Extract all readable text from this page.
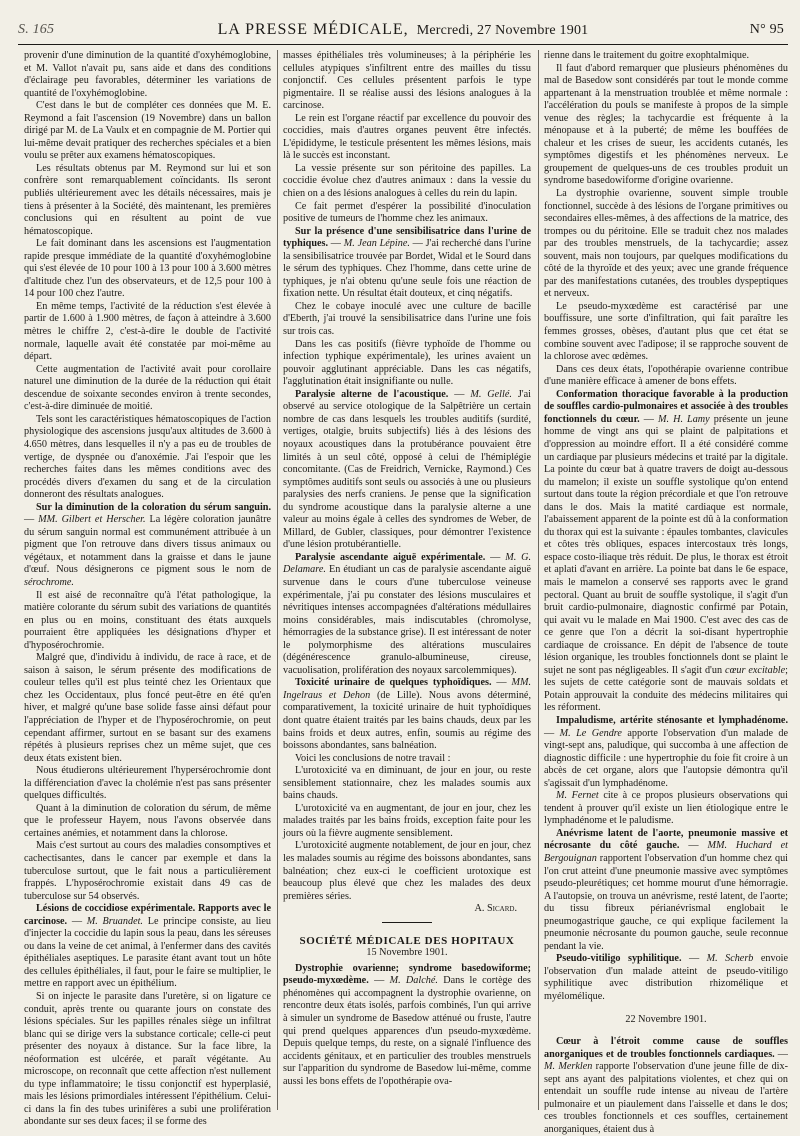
S. 165	LA PRESSE MÉDICALE, Mercredi, 27 Novembre 1901	N° 95

provenir d'une diminution de la quantité d'oxyhémoglobine, et M. Vallot n'avait pu, sans aide et dans des conditions d'éclairage peu favorables, déterminer les variations de quantité de l'oxyhémoglobine.

C'est dans le but de compléter ces données que M. E. Reymond a fait l'ascension (19 Novembre) dans un ballon dirigé par M. de La Vaulx et en compagnie de M. Portier qui lui-même devait pratiquer des recherches spéciales et a bien voulu se prêter aux examens hématoscopiques.

Les résultats obtenus par M. Reymond sur lui et son confrère sont remarquablement coïncidants. Ils seront publiés ultérieurement avec les détails nécessaires, mais je tiens à présenter à la Société, dès maintenant, les premières conclusions qui en résultent au point de vue hématoscopique.

Le fait dominant dans les ascensions est l'augmentation rapide presque immédiate de la quantité d'oxyhémoglobine qui s'est élevée de 10 pour 100 à 13 pour 100 à 3.600 mètres d'altitude chez l'un des observateurs, et de 12,5 pour 100 à 14 pour 100 chez l'autre.

En même temps, l'activité de la réduction s'est élevée à partir de 1.600 à 1.900 mètres, de façon à atteindre à 3.600 mètres le chiffre 2, c'est-à-dire le double de l'activité normale, laquelle avait été constatée par moi-même au départ.

Cette augmentation de l'activité avait pour corollaire naturel une diminution de la durée de la réduction qui était descendue de soixante secondes environ à trente secondes, c'est-à-dire diminuée de moitié.

Tels sont les caractéristiques hématoscopiques de l'action physiologique des ascensions jusqu'aux altitudes de 3.600 à 4.650 mètres, dans lesquelles il n'y a pas eu de troubles de vertige, de dyspnée ou d'anoxémie. J'ai l'espoir que les recherches faites dans les mêmes conditions avec des procédés divers d'examen du sang et de la circulation donneront des résultats analogues.

Sur la diminution de la coloration du sérum sanguin. — MM. Gilbert et Herscher. La légère coloration jaunâtre du sérum sanguin normal est communément attribuée à un pigment que l'on retrouve dans divers tissus animaux ou végétaux, et notamment dans la graisse et dans le jaune d'œuf. Nous désignerons ce pigment sous le nom de sérochrome.

Il est aisé de reconnaître qu'à l'état pathologique, la matière colorante du sérum subit des variations de quantités en plus ou en moins, constituant des états auxquels pourraient être appliquées les désignations d'hyper et d'hyposérochromie.

Malgré que, d'individu à individu, de race à race, et de saison à saison, le sérum présente des modifications de couleur telles qu'il est plus teinté chez les Orientaux que chez les Occidentaux, plus foncé peut-être en été qu'en hiver, et malgré qu'une base solide fasse ainsi défaut pour l'appréciation de l'hyper et de l'hyposérochromie, on peut cependant affirmer, surtout en se basant sur des examens répétés à plusieurs reprises chez un même sujet, que ces deux états existent bien.

Nous étudierons ultérieurement l'hypersérochromie dont la différenciation d'avec la cholémie n'est pas sans présenter quelques difficultés.

Quant à la diminution de coloration du sérum, de même que le professeur Hayem, nous l'avons observée dans certaines anémies, et notamment dans la chlorose.

Mais c'est surtout au cours des maladies consomptives et cachectisantes, dans le cancer par exemple et dans la tuberculose surtout, que le fait nous a particulièrement frappés. L'hyposérochromie existait dans 49 cas de tuberculose sur 54 observés.

Lésions de coccidiose expérimentale. Rapports avec le carcinose. — M. Bruandet. Le principe consiste, au lieu d'injecter la coccidie du lapin sous la peau, dans les séreuses ou dans la veine de cet animal, à l'enfermer dans des cavités épithéliales aseptiques. Le parasite étant avant tout un hôte des cellules épithéliales, il faut, pour le faire se multiplier, le mettre en rapport avec un épithélium.

Si on injecte le parasite dans l'uretère, si on ligature ce conduit, après trente ou quarante jours on constate des lésions spéciales. Sur les papilles rénales siège un infiltrat blanc qui se dirige vers la substance corticale; celle-ci peut présenter des noyaux à distance. Sur la face libre, la néoformation est ulcérée, et paraît végétante. Au microscope, on reconnaît que cette affection n'est nullement du type inflammatoire; le tissu conjonctif est hyperplasié, mais les lésions primordiales intéressent l'épithélium. Celui-ci dans la fin des tubes urinifères a subi une prolifération abondante sur ses deux faces; il se forme des

masses épithéliales très volumineuses; à la périphérie les cellules atypiques s'infiltrent entre des mailles du tissu conjonctif. Ces cellules présentent parfois le type pigmentaire. Il se réalise aussi des lésions analogues à la carcinose.

Le rein est l'organe réactif par excellence du pouvoir des coccidies, mais d'autres organes peuvent être infectés. L'épididyme, le testicule présentent les mêmes lésions, mais là le succès est inconstant.

La vessie présente sur son péritoine des papilles. La coccidie évolue chez d'autres animaux : dans la vessie du chien on a des lésions analogues à celles du rein du lapin.

Ce fait permet d'espérer la possibilité d'inoculation positive de tumeurs de l'homme chez les animaux.

Sur la présence d'une sensibilisatrice dans l'urine de typhiques. — M. Jean Lépine. — J'ai recherché dans l'urine la sensibilisatrice trouvée par Bordet, Widal et le Sourd dans le sérum des typhiques. Chez l'homme, dans cette urine de typhiques, je n'ai obtenu qu'une seule fois une réaction de fixation nette. Un résultat était douteux, et cinq négatifs.

Chez le cobaye inoculé avec une culture de bacille d'Eberth, j'ai trouvé la sensibilisatrice dans l'urine une fois sur trois cas.

Dans les cas positifs (fièvre typhoïde de l'homme ou infection typhique expérimentale), les urines avaient un pouvoir agglutinant appréciable. Dans les cas négatifs, l'agglutination était insignifiante ou nulle.

Paralysie alterne de l'acoustique. — M. Gellé. J'ai observé au service otologique de la Salpêtrière un certain nombre de cas dans lesquels les troubles auditifs (surdité, vertiges, otalgie, bruits subjectifs) liés à des lésions des noyaux acoustiques dans la protubérance pouvaient être limités à un seul côté, opposé à celui de l'hémiplégie concomitante. (Cas de Freidrich, Vernicke, Raymond.) Ces symptômes auditifs sont seuls ou associés à une ou plusieurs paralysies des nerfs craniens. Je pense que la signification du syndrome acoustique dans la paralysie alterne a une valeur au moins égale à celles des syndromes de Weber, de Millard, de Gubler, classiques, pour démontrer l'existence d'une lésion protubérantielle.

Paralysie ascendante aiguë expérimentale. — M. G. Delamare. En étudiant un cas de paralysie ascendante aiguë survenue dans le cours d'une tuberculose veineuse expérimentale, j'ai pu constater des lésions musculaires et névritiques intenses accompagnées d'altérations médullaires moins considérables, mais indiscutables (chromolyse, hémorragies de la substance grise). Il est intéressant de noter le polymorphisme des altérations musculaires (dégénérescence granulo-albumineuse, cireuse, vacuolisation, prolifération des noyaux sarcolemmiques).

Toxicité urinaire de quelques typhoïdiques. — MM. Ingelraus et Dehon (de Lille). Nous avons déterminé, comparativement, la toxicité urinaire de huit typhoïdiques dont quatre étaient traités par les bains chauds, deux par les bains froids et deux autres, enfin, soumis au régime des boissons abondantes, sans balnéation.

Voici les conclusions de notre travail :

L'urotoxicité va en diminuant, de jour en jour, ou reste sensiblement stationnaire, chez les malades soumis aux bains chauds.

L'urotoxicité va en augmentant, de jour en jour, chez les malades traités par les bains froids, exception faite pour les jours où la fièvre augmente sensiblement.

L'urotoxicité augmente notablement, de jour en jour, chez les malades soumis au régime des boissons abondantes, sans balnéation; chez eux-ci le coefficient urotoxique est beaucoup plus élevé que chez les malades des deux premières séries.

A. Sicard.

SOCIÉTÉ MÉDICALE DES HOPITAUX

15 Novembre 1901.

Dystrophie ovarienne; syndrome basedowiforme; pseudo-myxœdème. — M. Dalché. Dans le cortège des phénomènes qui accompagnent la dystrophie ovarienne, on rencontre deux états isolés, parfois combinés, l'un qui arrive à simuler un syndrome de Basedow atténué ou fruste, l'autre qui prend quelques apparences d'un pseudo-myxœdème. Depuis quelque temps, du reste, on a signalé l'influence des accidents génitaux, et en particulier des troubles menstruels sur l'apparition du syndrome de Basedow lui-même, comme aussi les bons effets de l'opothérapie ova-

rienne dans le traitement du goitre exophtalmique.

Il faut d'abord remarquer que plusieurs phénomènes du mal de Basedow sont considérés par tout le monde comme appartenant à la menstruation troublée et même normale : l'accélération du pouls se manifeste à propos de la simple venue des règles; la tachycardie est fréquente à la ménopause et à la puberté; de même les bouffées de chaleur et les crises de sueur, les accidents cutanés, les symptômes digestifs et les phénomènes nerveux. Le groupement de quelques-uns de ces troubles produit un syndrome basedowiforme d'origine ovarienne.

La dystrophie ovarienne, souvent simple trouble fonctionnel, succède à des lésions de l'organe primitives ou secondaires elles-mêmes, à des affections de la matrice, des trompes ou du péritoine. Elle se traduit chez nos malades par des troubles menstruels, de la tachycardie; assez souvent, mais non toujours, par quelques modifications du côté de la thyroïde et des yeux; avec une grande fréquence par des manifestations cutanées, des troubles dyspeptiques et nerveux.

Le pseudo-myxœdème est caractérisé par une bouffissure, une sorte d'infiltration, qui fait paraître les femmes grosses, obèses, d'autant plus que cet état se combine souvent avec l'adipose; il se rapproche souvent de la chlorose avec œdèmes.

Dans ces deux états, l'opothérapie ovarienne contribue d'une manière efficace à amener de bons effets.

Conformation thoracique favorable à la production de souffles cardio-pulmonaires et associée à des troubles fonctionnels du cœur. — M. H. Lamy présente un jeune homme de vingt ans qui se plaint de palpitations et d'oppression au moindre effort. Il a été considéré comme un cardiaque par plusieurs médecins et traité par la digitale. La pointe du cœur bat à quatre travers de doigt au-dessous du mamelon; il existe un souffle systolique qu'on entend surtout dans toute la région précordiale et que l'on retrouve dans le dos. Mais la matité cardiaque est normale, l'abaissement apparent de la pointe est dû à la conformation du thorax qui est la suivante : épaules tombantes, clavicules et côtes très obliques, espaces intercostaux très longs, espace costo-iliaque très réduit. De plus, le thorax est étroit et aplati d'avant en arrière. La pointe bat dans le 6e espace, mais le mamelon a conservé ses rapports avec le grand pectoral. Quant au bruit de souffle systolique, il s'agit d'un bruit cardio-pulmonaire, diagnostic confirmé par Potain, qui avait vu le malade en Mai 1900. C'est avec des cas de ce genre que l'on a décrit la soi-disant hypertrophie cardiaque de croissance. En dépit de l'absence de toute lésion organique, les troubles fonctionnels dont se plaint le sujet ne sont pas négligeables. Il s'agit d'un cœur excitable; les sujets de cette catégorie sont de mauvais soldats et Potain approuvait la conduite des médecins militaires qui les réforment.

Impaludisme, artérite sténosante et lymphadénome. — M. Le Gendre apporte l'observation d'un malade de vingt-sept ans, paludique, qui succomba à une affection de diagnostic difficile : une hypertrophie du foie fit croire à un abcès de cet organe, alors que l'autopsie démontra qu'il s'agissait d'un lymphadénome.

M. Fernet cite à ce propos plusieurs observations qui tendent à prouver qu'il existe un lien étiologique entre le lymphadénome et le paludisme.

Anévrisme latent de l'aorte, pneumonie massive et nécrosante du côté gauche. — MM. Huchard et Bergouignan rapportent l'observation d'un homme chez qui l'on crut atteint d'une pneumonie massive avec symptômes pseudo-pleurétiques; cet homme mourut d'une hémorragie. A l'autopsie, on trouva un anévrisme, resté latent, de l'aorte; du tissu fibreux périanévrismal englobait le pneumogastrique gauche, ce qui explique facilement la pneumonie nécrosante du poumon gauche, seule reconnue pendant la vie.

Pseudo-vitiligo syphilitique. — M. Scherb envoie l'observation d'un malade atteint de pseudo-vitiligo syphilitique avec distribution rhizomélique et myélomélique.

22 Novembre 1901.

Cœur à l'étroit comme cause de souffles anorganiques et de troubles fonctionnels cardiaques. — M. Merklen rapporte l'observation d'une jeune fille de dix-sept ans ayant des palpitations violentes, et chez qui on entendait un souffle rude intense au niveau de l'artère pulmonaire et un piaulement dans l'aisselle et dans le dos; ces troubles fonctionnels et ces souffles, certainement anorganiques, étaient dus à
